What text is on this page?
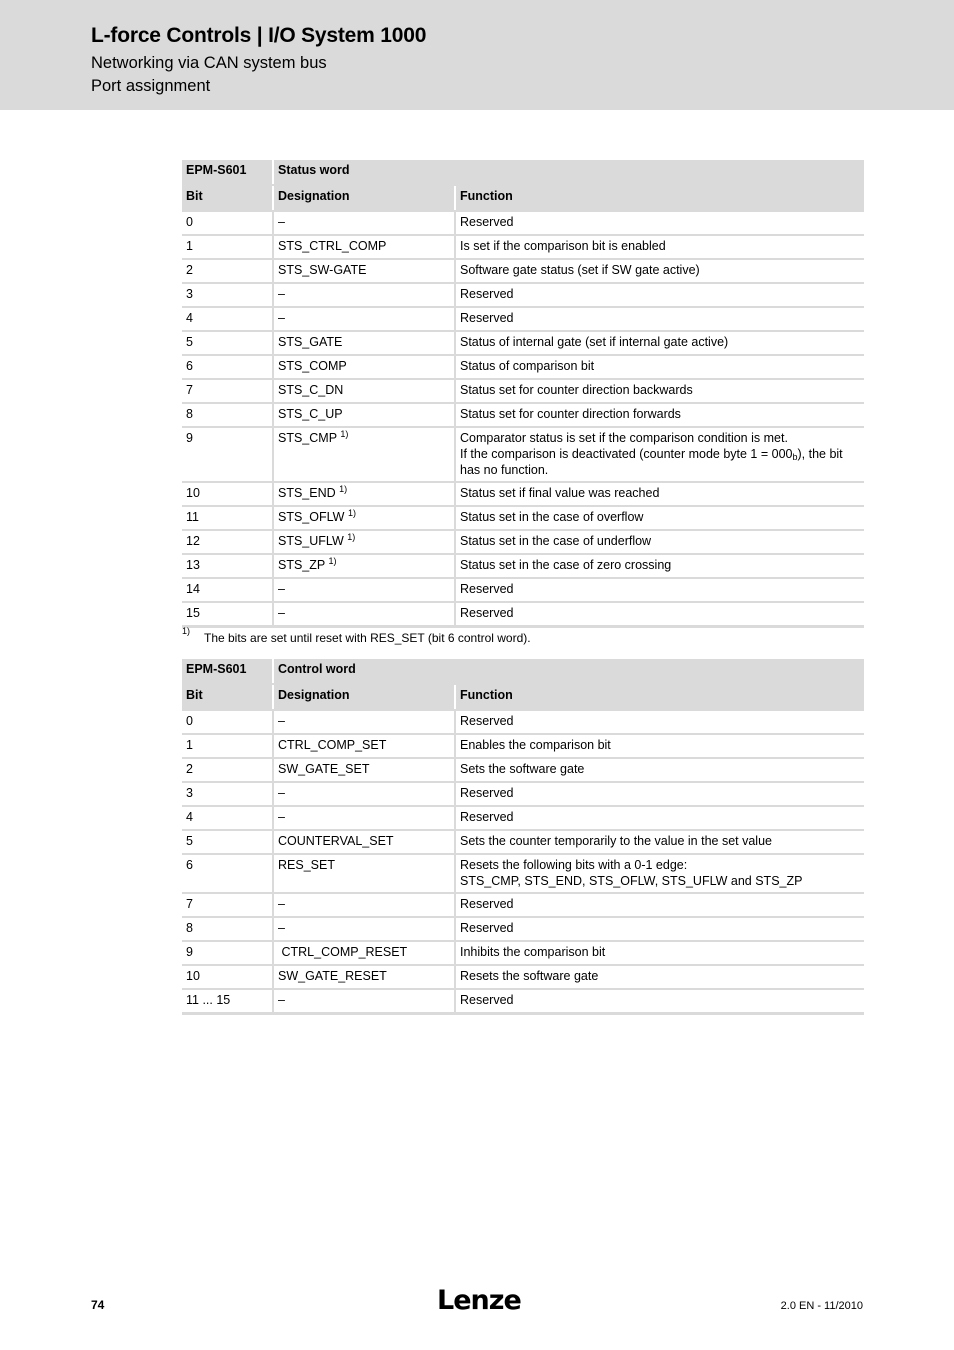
L-force Controls | I/O System 1000
Networking via CAN system bus
Port assignment
EPM-S601	Status word	
Bit	Designation	Function
0	–	Reserved
1	STS_CTRL_COMP	Is set if the comparison bit is enabled
2	STS_SW-GATE	Software gate status (set if SW gate active)
3	–	Reserved
4	–	Reserved
5	STS_GATE	Status of internal gate (set if internal gate active)
6	STS_COMP	Status of comparison bit
7	STS_C_DN	Status set for counter direction backwards
8	STS_C_UP	Status set for counter direction forwards
9	STS_CMP $^{1)}$	Comparator status is set if the comparison condition is met.
If the comparison is deactivated (counter mode byte $1 = 000_b$), the bit has no function.

10	STS_END $^{1)}$	Status set if final value was reached
11	STS_OFLW $^{1)}$	Status set in the case of overflow
12	STS_UFLW $^{1)}$	Status set in the case of underflow
13	STS_ZP $^{1)}$	Status set in the case of zero crossing
14	–	Reserved
15	–	Reserved
1) The bits are set until reset with RES_SET (bit 6 control word).
EPM-S601	Control word	
Bit	Designation	Function
0	–	Reserved
1	CTRL_COMP_SET	Enables the comparison bit
2	SW_GATE_SET	Sets the software gate
3	–	Reserved
4	–	Reserved
5	COUNTERVAL_SET	Sets the counter temporarily to the value in the set value
6	RES_SET	Resets the following bits with a 0-1 edge:
STS_CMP, STS_END, STS_OFLW, STS_UFLW and STS_ZP

7	–	Reserved
8	–	Reserved
9	CTRL_COMP_RESET	Inhibits the comparison bit
10	SW_GATE_RESET	Resets the software gate
11 ... 15	–	Reserved
74	Lenze	2.0 EN - 11/2010
